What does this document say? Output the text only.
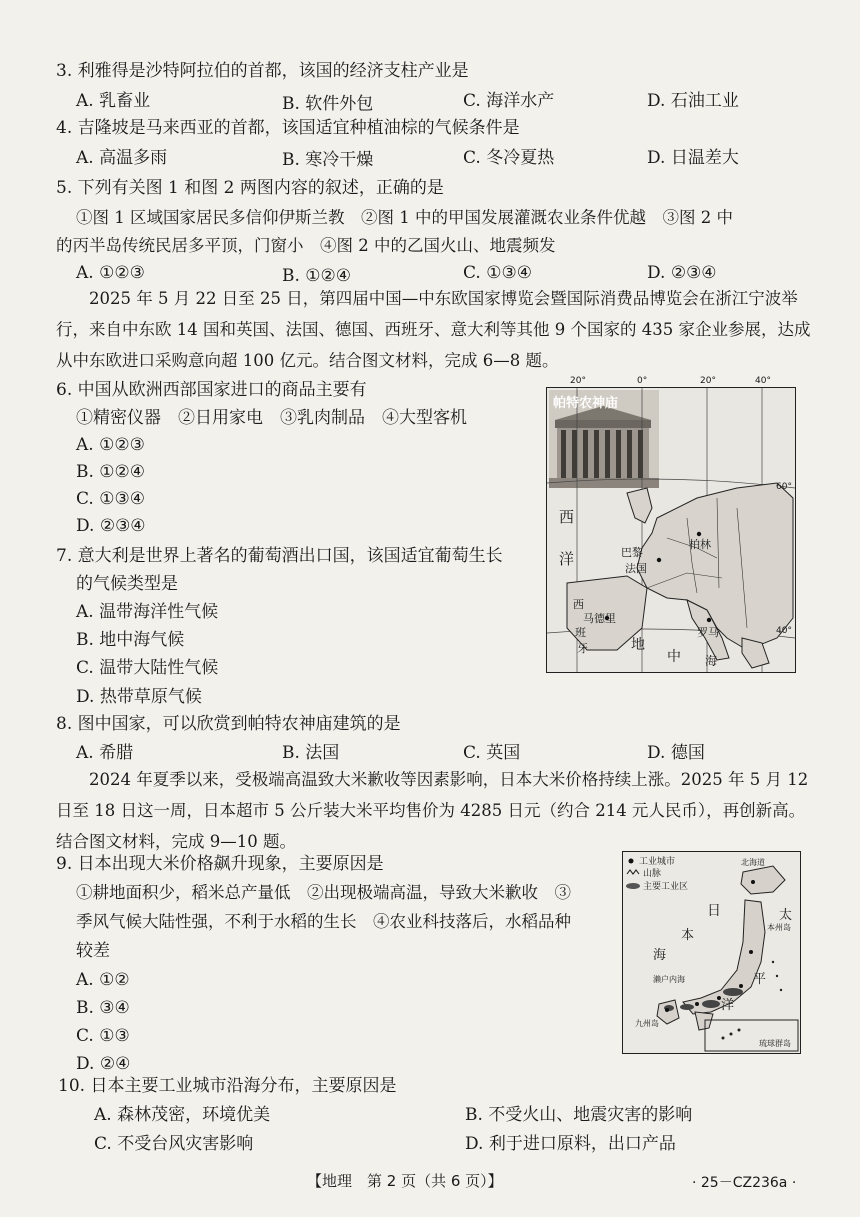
3. 利雅得是沙特阿拉伯的首都，该国的经济支柱产业是
A. 乳畜业	B. 软件外包	C. 海洋水产	D. 石油工业
4. 吉隆坡是马来西亚的首都，该国适宜种植油棕的气候条件是
A. 高温多雨	B. 寒冷干燥	C. 冬冷夏热	D. 日温差大
5. 下列有关图 1 和图 2 两图内容的叙述，正确的是
①图 1 区域国家居民多信仰伊斯兰教　②图 1 中的甲国发展灌溉农业条件优越　③图 2 中
的丙半岛传统民居多平顶，门窗小　④图 2 中的乙国火山、地震频发
A. ①②③	B. ①②④	C. ①③④	D. ②③④
2025 年 5 月 22 日至 25 日，第四届中国—中东欧国家博览会暨国际消费品博览会在浙江宁波举行，来自中东欧 14 国和英国、法国、德国、西班牙、意大利等其他 9 个国家的 435 家企业参展，达成从中东欧进口采购意向超 100 亿元。结合图文材料，完成 6—8 题。
6. 中国从欧洲西部国家进口的商品主要有
①精密仪器　②日用家电　③乳肉制品　④大型客机
A. ①②③
B. ①②④
C. ①③④
D. ②③④
7. 意大利是世界上著名的葡萄酒出口国，该国适宜葡萄生长
的气候类型是
A. 温带海洋性气候
B. 地中海气候
C. 温带大陆性气候
D. 热带草原气候
帕特农神庙
西
洋
马德里
巴黎
法国
柏林
罗马
西
班
牙	地
中 海
20°	0°	20°	40°
60°
40°
8. 图中国家，可以欣赏到帕特农神庙建筑的是
A. 希腊	B. 法国	C. 英国	D. 德国
2024 年夏季以来，受极端高温致大米歉收等因素影响，日本大米价格持续上涨。2025 年 5 月 12 日至 18 日这一周，日本超市 5 公斤装大米平均售价为 4285 日元（约合 214 元人民币），再创新高。结合图文材料，完成 9—10 题。
9. 日本出现大米价格飙升现象，主要原因是
①耕地面积少，稻米总产量低　②出现极端高温，导致大米歉收　③
季风气候大陆性强，不利于水稻的生长　④农业科技落后，水稻品种
较差
A. ①②
B. ③④
C. ①③
D. ②④
工业城市
山脉
主要工业区
日
本
海
太
平
洋
濑户内海
九州岛
琉球群岛
本州岛
北海道
10. 日本主要工业城市沿海分布，主要原因是
A. 森林茂密，环境优美	B. 不受火山、地震灾害的影响
C. 不受台风灾害影响	D. 利于进口原料，出口产品
【地理　第 2 页（共 6 页）】	· 25－CZ236a ·
